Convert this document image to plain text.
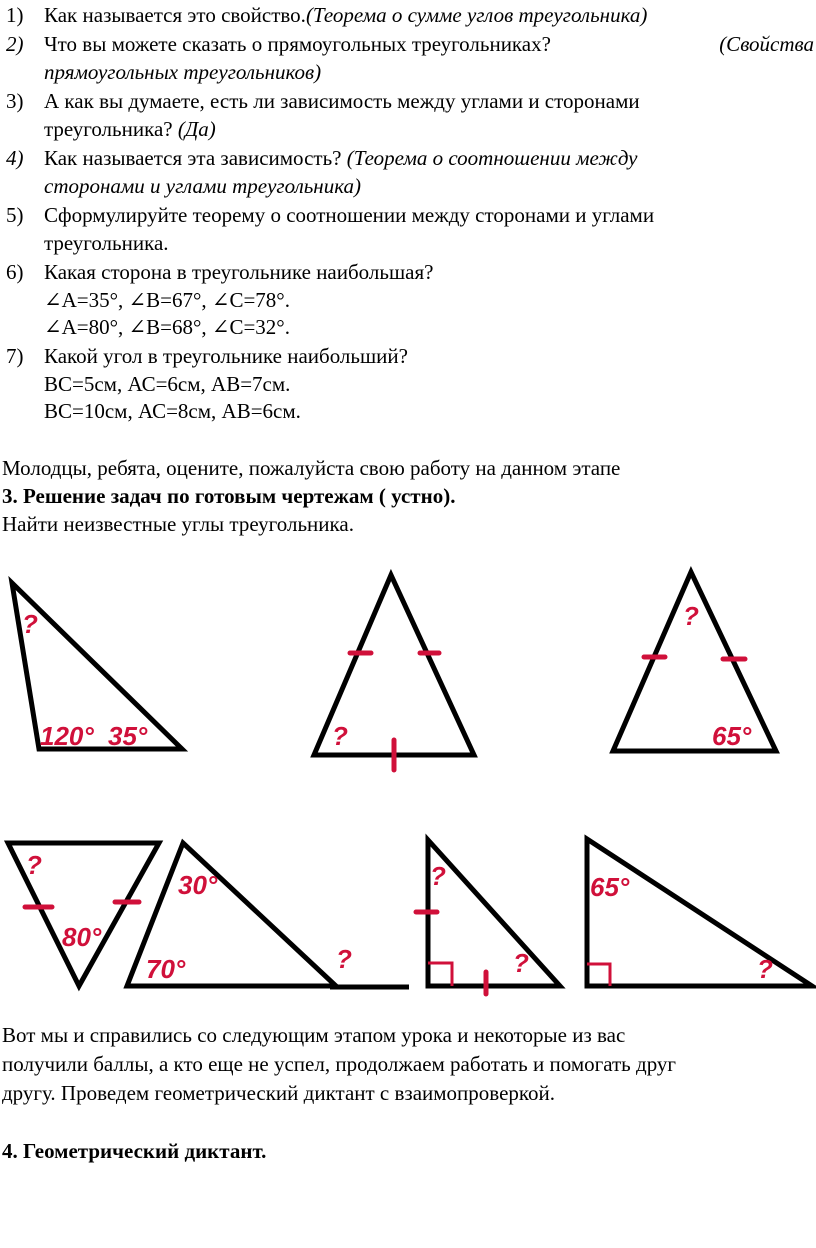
1) Как называется это свойство.(Теорема о сумме углов треугольника)
2) Что вы можете сказать о прямоугольных треугольниках?	(Свойства
прямоугольных треугольников)
3) А как вы думаете, есть ли зависимость между углами и сторонами
треугольника? (Да)
4) Как называется эта зависимость? (Теорема о соотношении между
сторонами и углами треугольника)
5) Сформулируйте теорему о соотношении между сторонами и углами
треугольника.
6) Какая сторона в треугольнике наибольшая?
∠A=35°, ∠B=67°, ∠C=78°.
∠A=80°, ∠B=68°, ∠C=32°.
7) Какой угол в треугольнике наибольший?
ВС=5см, АС=6см, АВ=7см.
ВС=10см, АС=8см, АВ=6см.
Молодцы, ребята, оцените, пожалуйста свою работу на данном этапе
3. Решение задач по готовым чертежам ( устно).
Найти неизвестные углы треугольника.
?
120° 35°	?
?
65°
?
80°
30°
70°	?
?
?
65°
?
Вот мы и справились со следующим этапом урока и некоторые из вас
получили баллы, а кто еще не успел, продолжаем работать и помогать друг
другу. Проведем геометрический диктант с взаимопроверкой.
4. Геометрический диктант.
